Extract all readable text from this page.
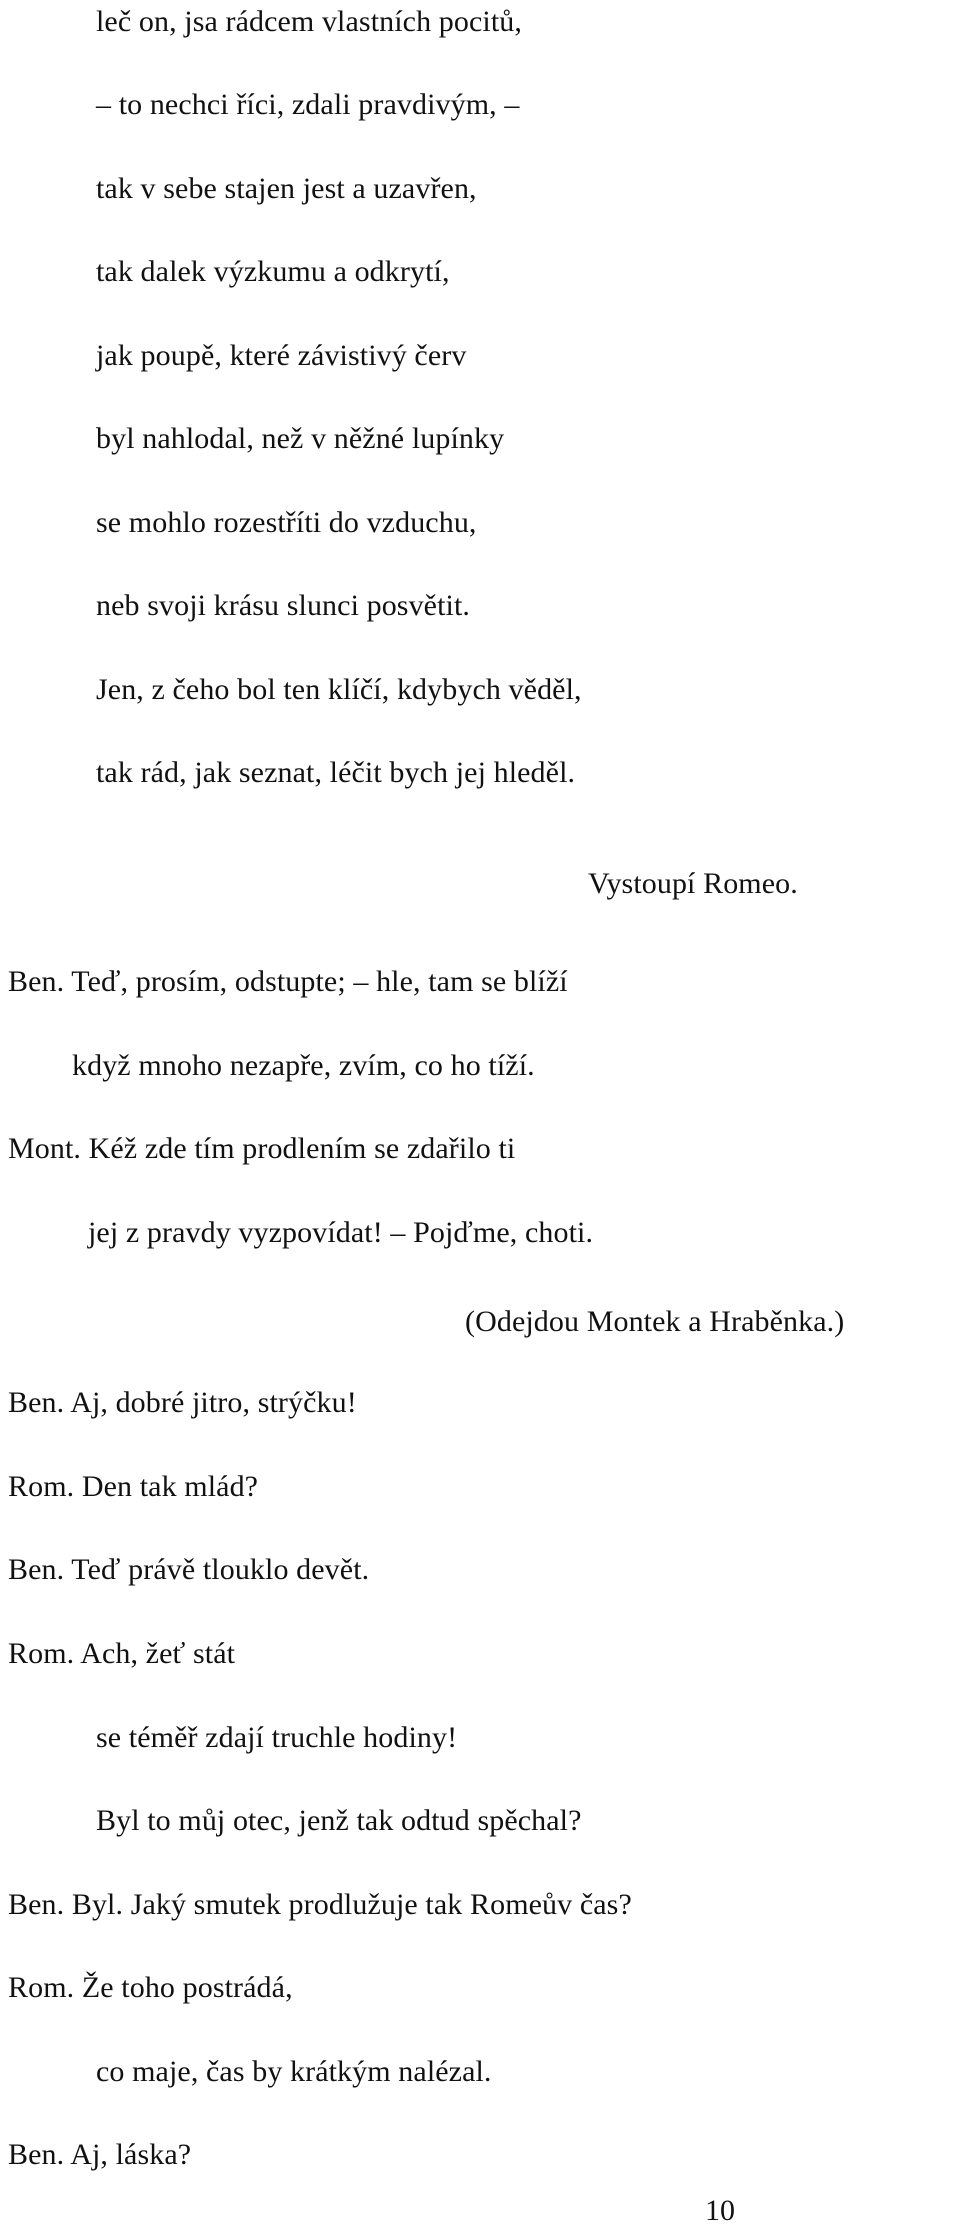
leč on, jsa rádcem vlastních pocitů,
– to nechci říci, zdali pravdivým, –
tak v sebe stajen jest a uzavřen,
tak dalek výzkumu a odkrytí,
jak poupě, které závistivý červ
byl nahlodal, než v něžné lupínky
se mohlo rozestříti do vzduchu,
neb svoji krásu slunci posvětit.
Jen, z čeho bol ten klíčí, kdybych věděl,
tak rád, jak seznat, léčit bych jej hleděl.
Vystoupí Romeo.
Ben. Teď, prosím, odstupte; – hle, tam se blíží
když mnoho nezapře, zvím, co ho tíží.
Mont. Kéž zde tím prodlením se zdařilo ti
jej z pravdy vyzpovídat! – Pojďme, choti.
(Odejdou Montek a Hraběnka.)
Ben. Aj, dobré jitro, strýčku!
Rom. Den tak mlád?
Ben. Teď právě tlouklo devět.
Rom. Ach, žeť stát
se téměř zdají truchle hodiny!
Byl to můj otec, jenž tak odtud spěchal?
Ben. Byl. Jaký smutek prodlužuje tak Romeův čas?
Rom. Že toho postrádá,
co maje, čas by krátkým nalézal.
Ben. Aj, láska?
10
